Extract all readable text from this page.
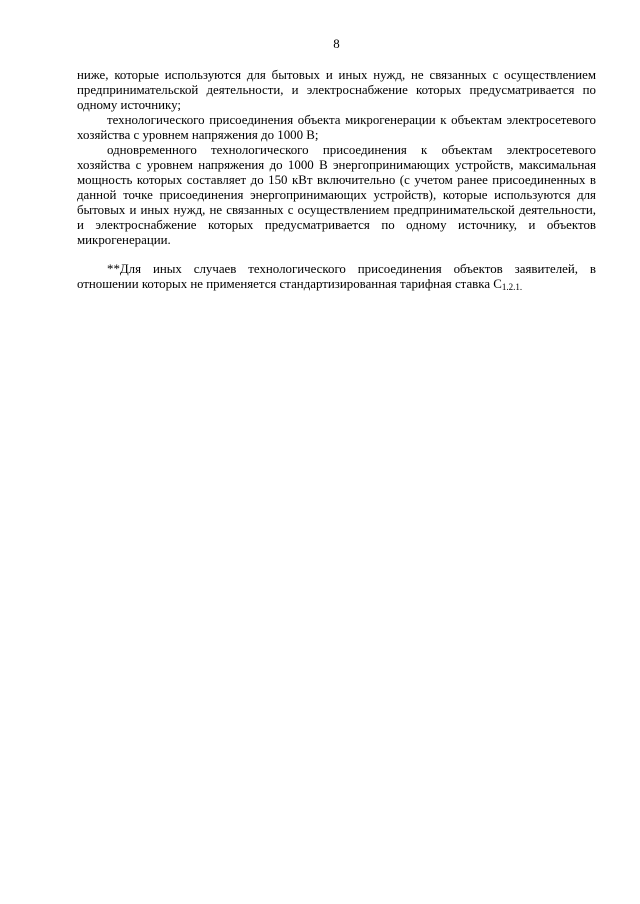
8
ниже, которые используются для бытовых и иных нужд, не связанных с осуществлением
предпринимательской деятельности, и электроснабжение которых предусматривается по
одному источнику;
технологического присоединения объекта микрогенерации к объектам электросетевого
хозяйства с уровнем напряжения до 1000 В;
одновременного технологического присоединения к объектам электросетевого
хозяйства с уровнем напряжения до 1000 В энергопринимающих устройств, максимальная
мощность которых составляет до 150 кВт включительно (с учетом ранее присоединенных в
данной точке присоединения энергопринимающих устройств), которые используются для
бытовых и иных нужд, не связанных с осуществлением предпринимательской деятельности,
и электроснабжение которых предусматривается по одному источнику, и объектов
микрогенерации.
**Для иных случаев технологического присоединения объектов заявителей, в
отношении которых не применяется стандартизированная тарифная ставка С1.2.1.
